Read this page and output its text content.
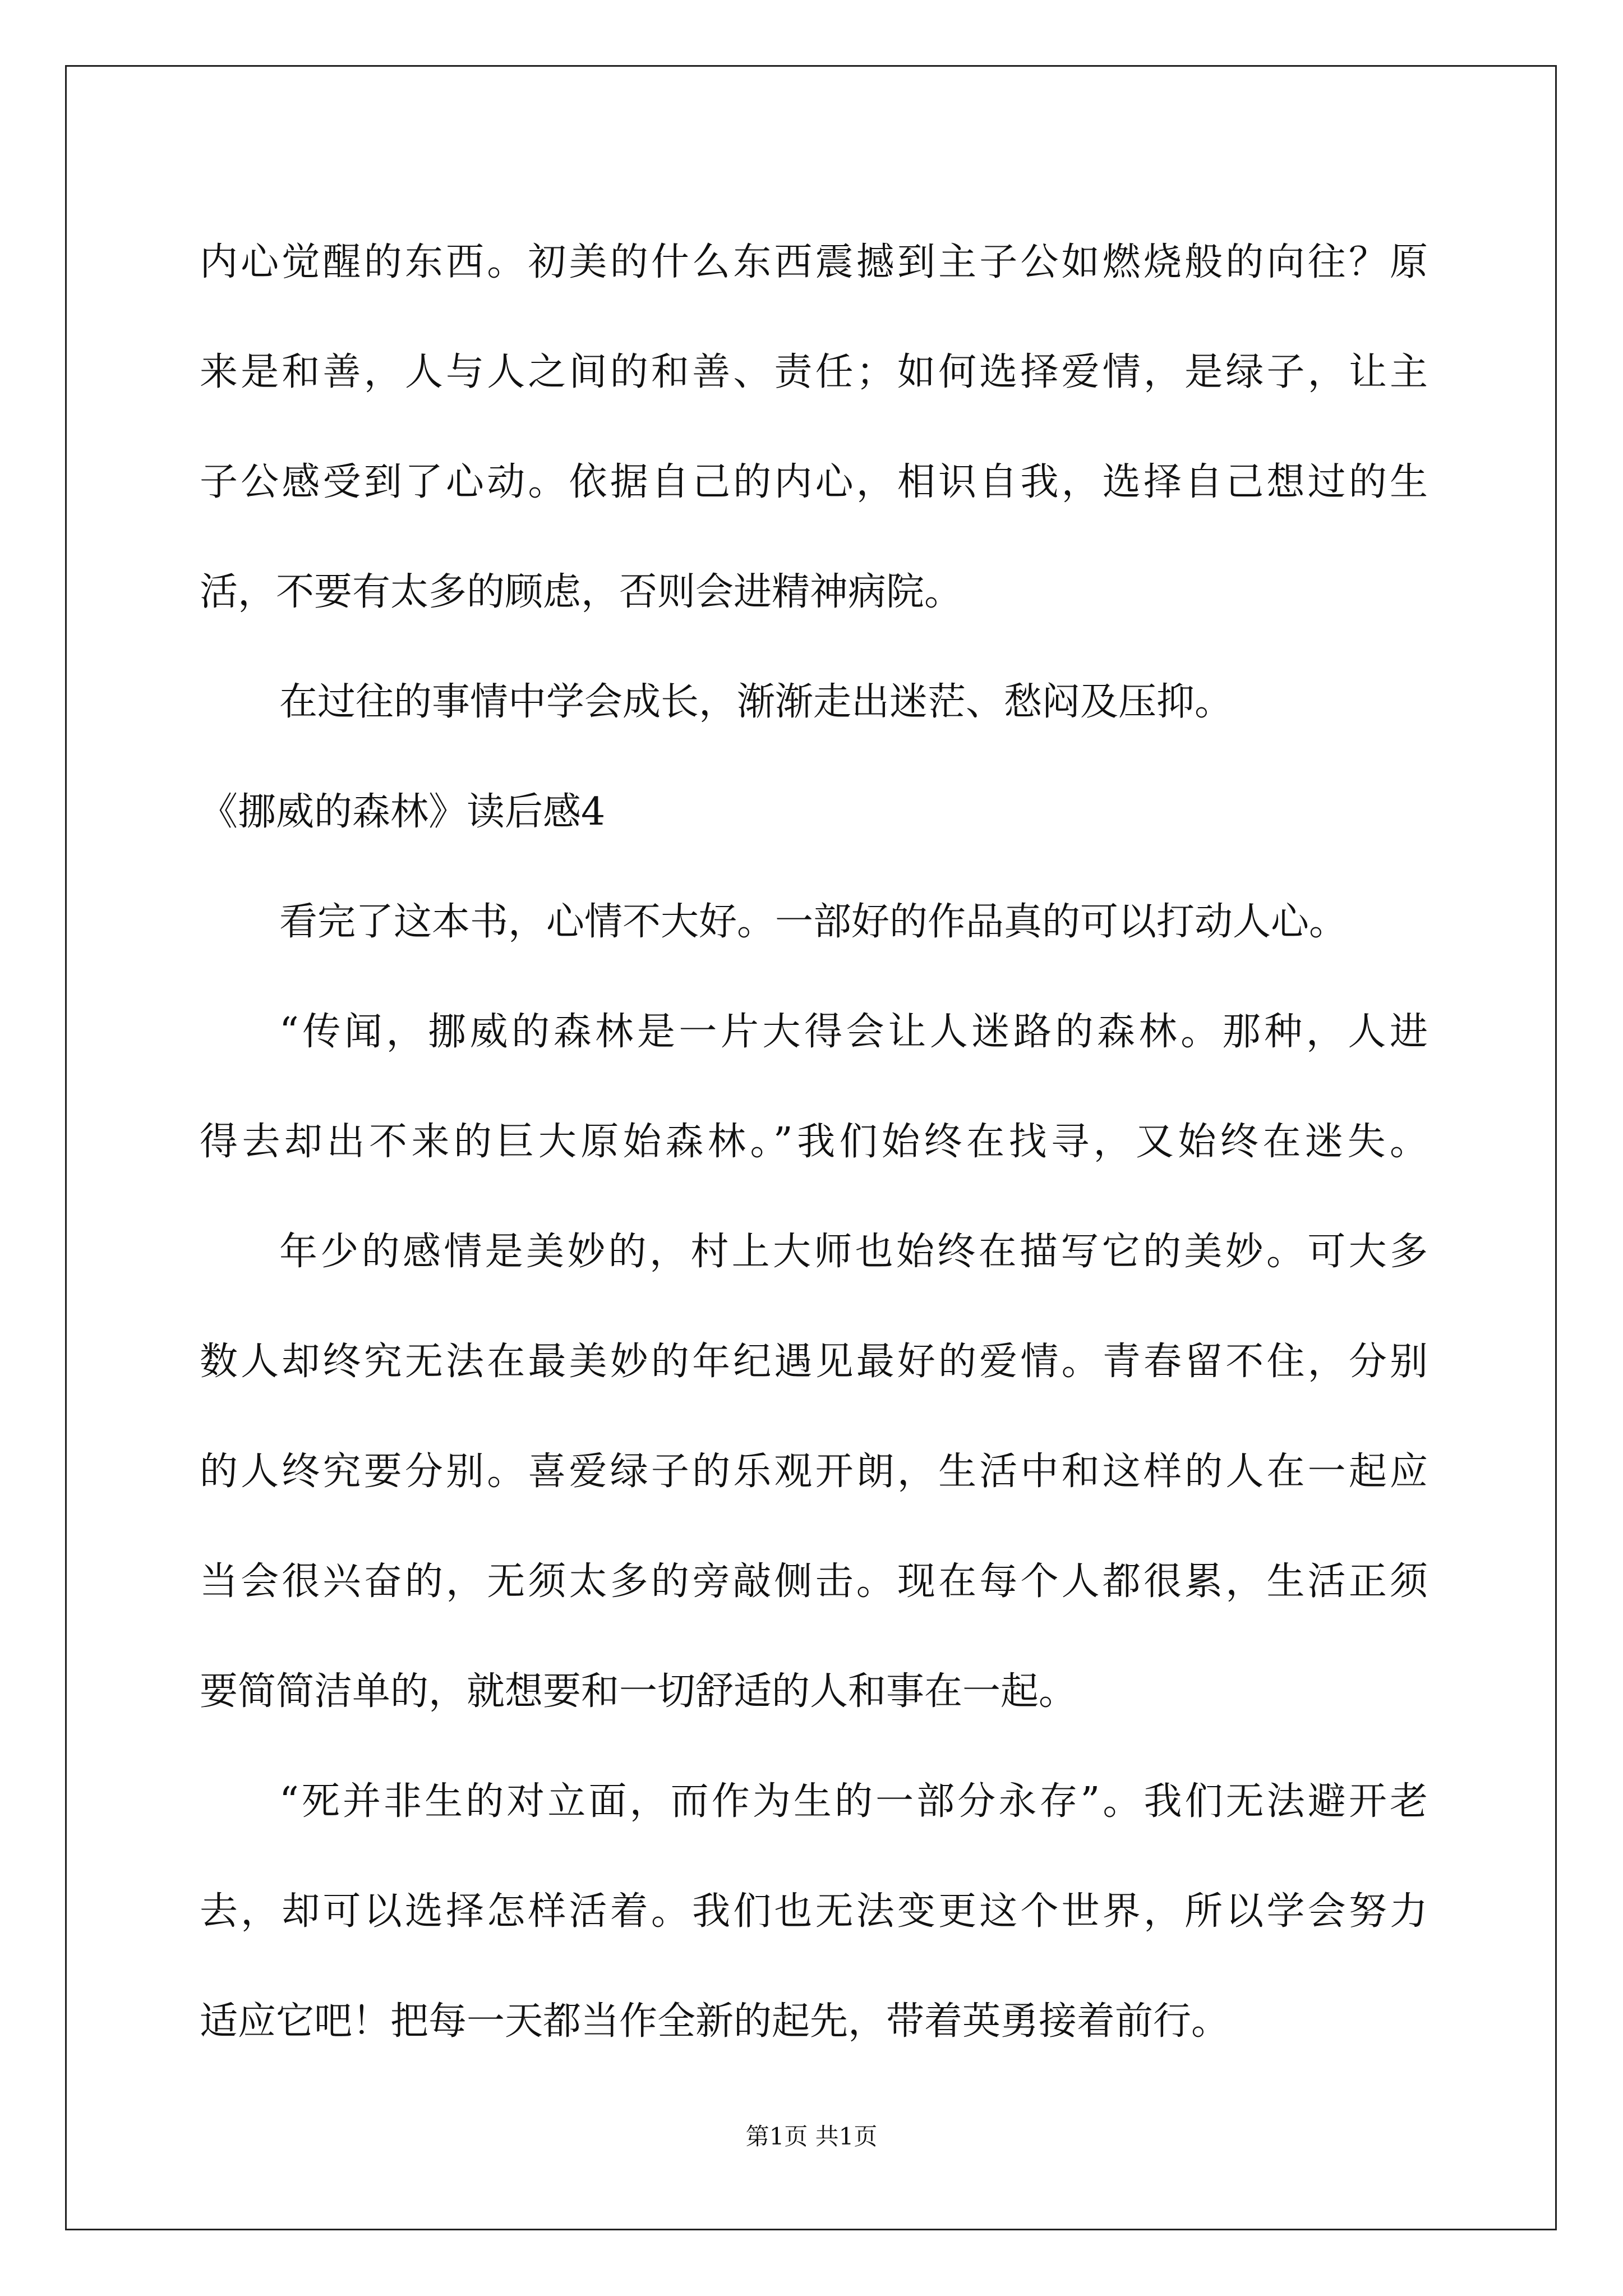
内心觉醒的东西。初美的什么东西震撼到主子公如燃烧般的向往？原
来是和善，人与人之间的和善、责任；如何选择爱情，是绿子，让主
子公感受到了心动。依据自己的内心，相识自我，选择自己想过的生
活，不要有太多的顾虑，否则会进精神病院。
在过往的事情中学会成长，渐渐走出迷茫、愁闷及压抑。
《挪威的森林》读后感4
看完了这本书，心情不大好。一部好的作品真的可以打动人心。
“传闻，挪威的森林是一片大得会让人迷路的森林。那种，人进
得去却出不来的巨大原始森林。”我们始终在找寻，又始终在迷失。
年少的感情是美妙的，村上大师也始终在描写它的美妙。可大多
数人却终究无法在最美妙的年纪遇见最好的爱情。青春留不住，分别
的人终究要分别。喜爱绿子的乐观开朗，生活中和这样的人在一起应
当会很兴奋的，无须太多的旁敲侧击。现在每个人都很累，生活正须
要简简洁单的，就想要和一切舒适的人和事在一起。
“死并非生的对立面，而作为生的一部分永存”。我们无法避开老
去，却可以选择怎样活着。我们也无法变更这个世界，所以学会努力
适应它吧！把每一天都当作全新的起先，带着英勇接着前行。
第1页 共1页
